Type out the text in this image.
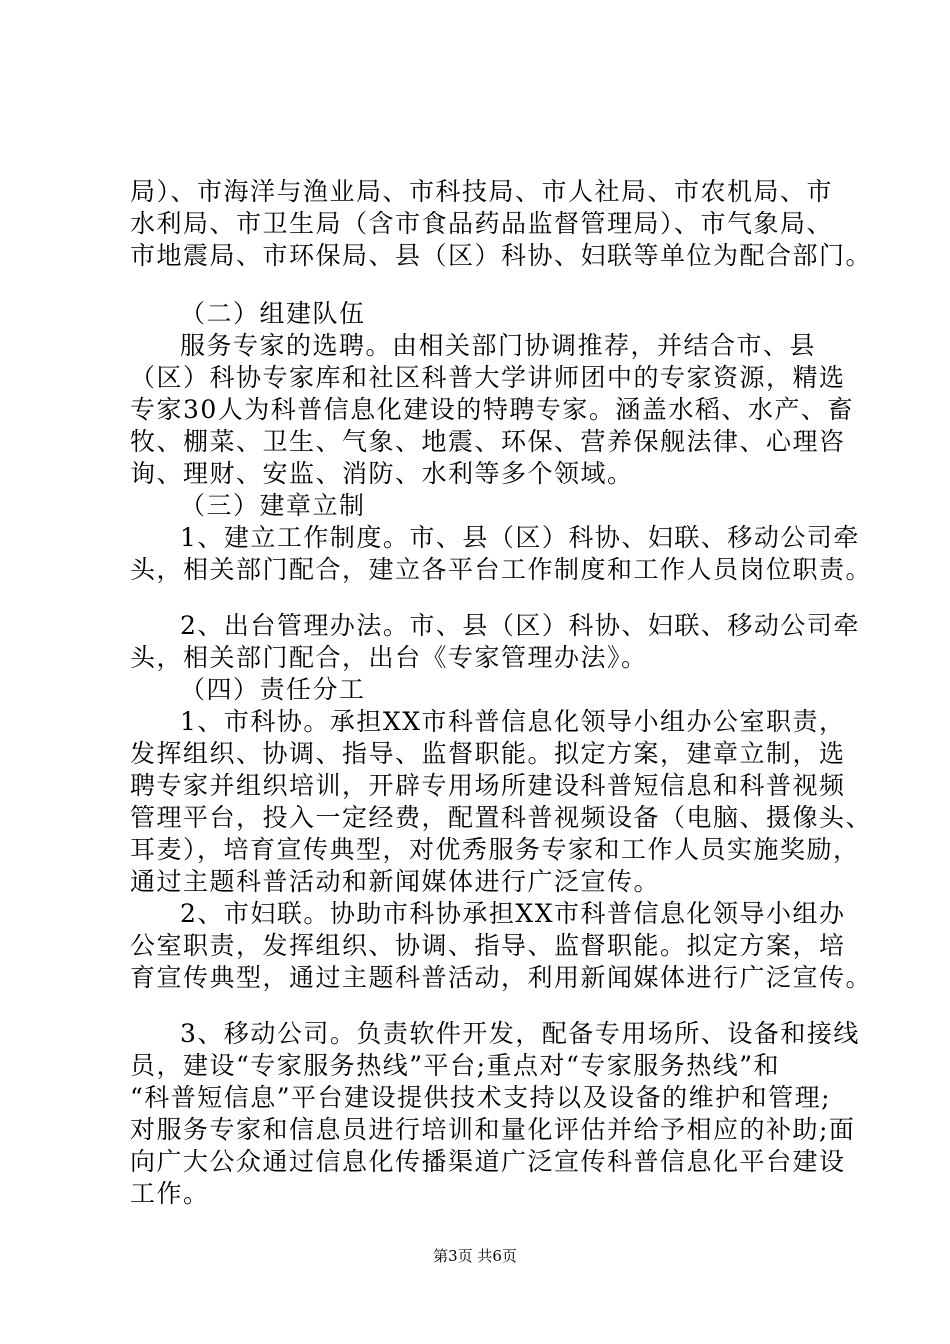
局）、市海洋与渔业局、市科技局、市人社局、市农机局、市
水利局、市卫生局（含市食品药品监督管理局）、市气象局、
市地震局、市环保局、县（区）科协、妇联等单位为配合部门。
（二）组建队伍
服务专家的选聘。由相关部门协调推荐，并结合市、县
（区）科协专家库和社区科普大学讲师团中的专家资源，精选
专家30人为科普信息化建设的特聘专家。涵盖水稻、水产、畜
牧、棚菜、卫生、气象、地震、环保、营养保舰法律、心理咨
询、理财、安监、消防、水利等多个领域。
（三）建章立制
1、建立工作制度。市、县（区）科协、妇联、移动公司牵
头，相关部门配合，建立各平台工作制度和工作人员岗位职责。
2、出台管理办法。市、县（区）科协、妇联、移动公司牵
头，相关部门配合，出台《专家管理办法》。
（四）责任分工
1、市科协。承担XX市科普信息化领导小组办公室职责，
发挥组织、协调、指导、监督职能。拟定方案，建章立制，选
聘专家并组织培训，开辟专用场所建设科普短信息和科普视频
管理平台，投入一定经费，配置科普视频设备（电脑、摄像头、
耳麦），培育宣传典型，对优秀服务专家和工作人员实施奖励，
通过主题科普活动和新闻媒体进行广泛宣传。
2、市妇联。协助市科协承担XX市科普信息化领导小组办
公室职责，发挥组织、协调、指导、监督职能。拟定方案，培
育宣传典型，通过主题科普活动，利用新闻媒体进行广泛宣传。
3、移动公司。负责软件开发，配备专用场所、设备和接线
员，建设“专家服务热线”平台;重点对“专家服务热线”和
“科普短信息”平台建设提供技术支持以及设备的维护和管理;
对服务专家和信息员进行培训和量化评估并给予相应的补助;面
向广大公众通过信息化传播渠道广泛宣传科普信息化平台建设
工作。
第3页 共6页
